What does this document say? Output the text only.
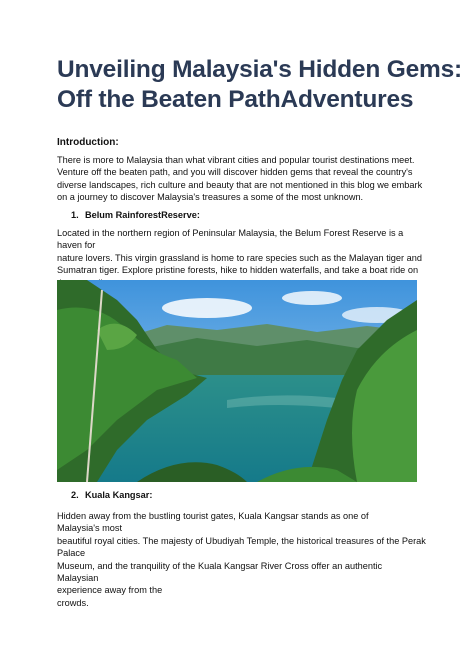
Unveiling Malaysia's Hidden Gems:
Off the Beaten PathAdventures
Introduction:
There is more to Malaysia than what vibrant cities and popular tourist destinations meet.
Venture off the beaten path, and you will discover hidden gems that reveal the country's
diverse landscapes, rich culture and beauty that are not mentioned in this blog we embark
on a journey to discover Malaysia's treasures a some of the most unknown.
1. Belum RainforestReserve:
Located in the northern region of Peninsular Malaysia, the Belum Forest Reserve is a
haven for
nature lovers. This virgin grassland is home to rare species such as the Malayan tiger and
Sumatran tiger. Explore pristine forests, hike to hidden waterfalls, and take a boat ride on
2. Kuala Kangsar:
Hidden away from the bustling tourist gates, Kuala Kangsar stands as one of
Malaysia's most
beautiful royal cities. The majesty of Ubudiyah Temple, the historical treasures of the Perak
Palace
Museum, and the tranquility of the Kuala Kangsar River Cross offer an authentic
Malaysian
experience away from the
crowds.
